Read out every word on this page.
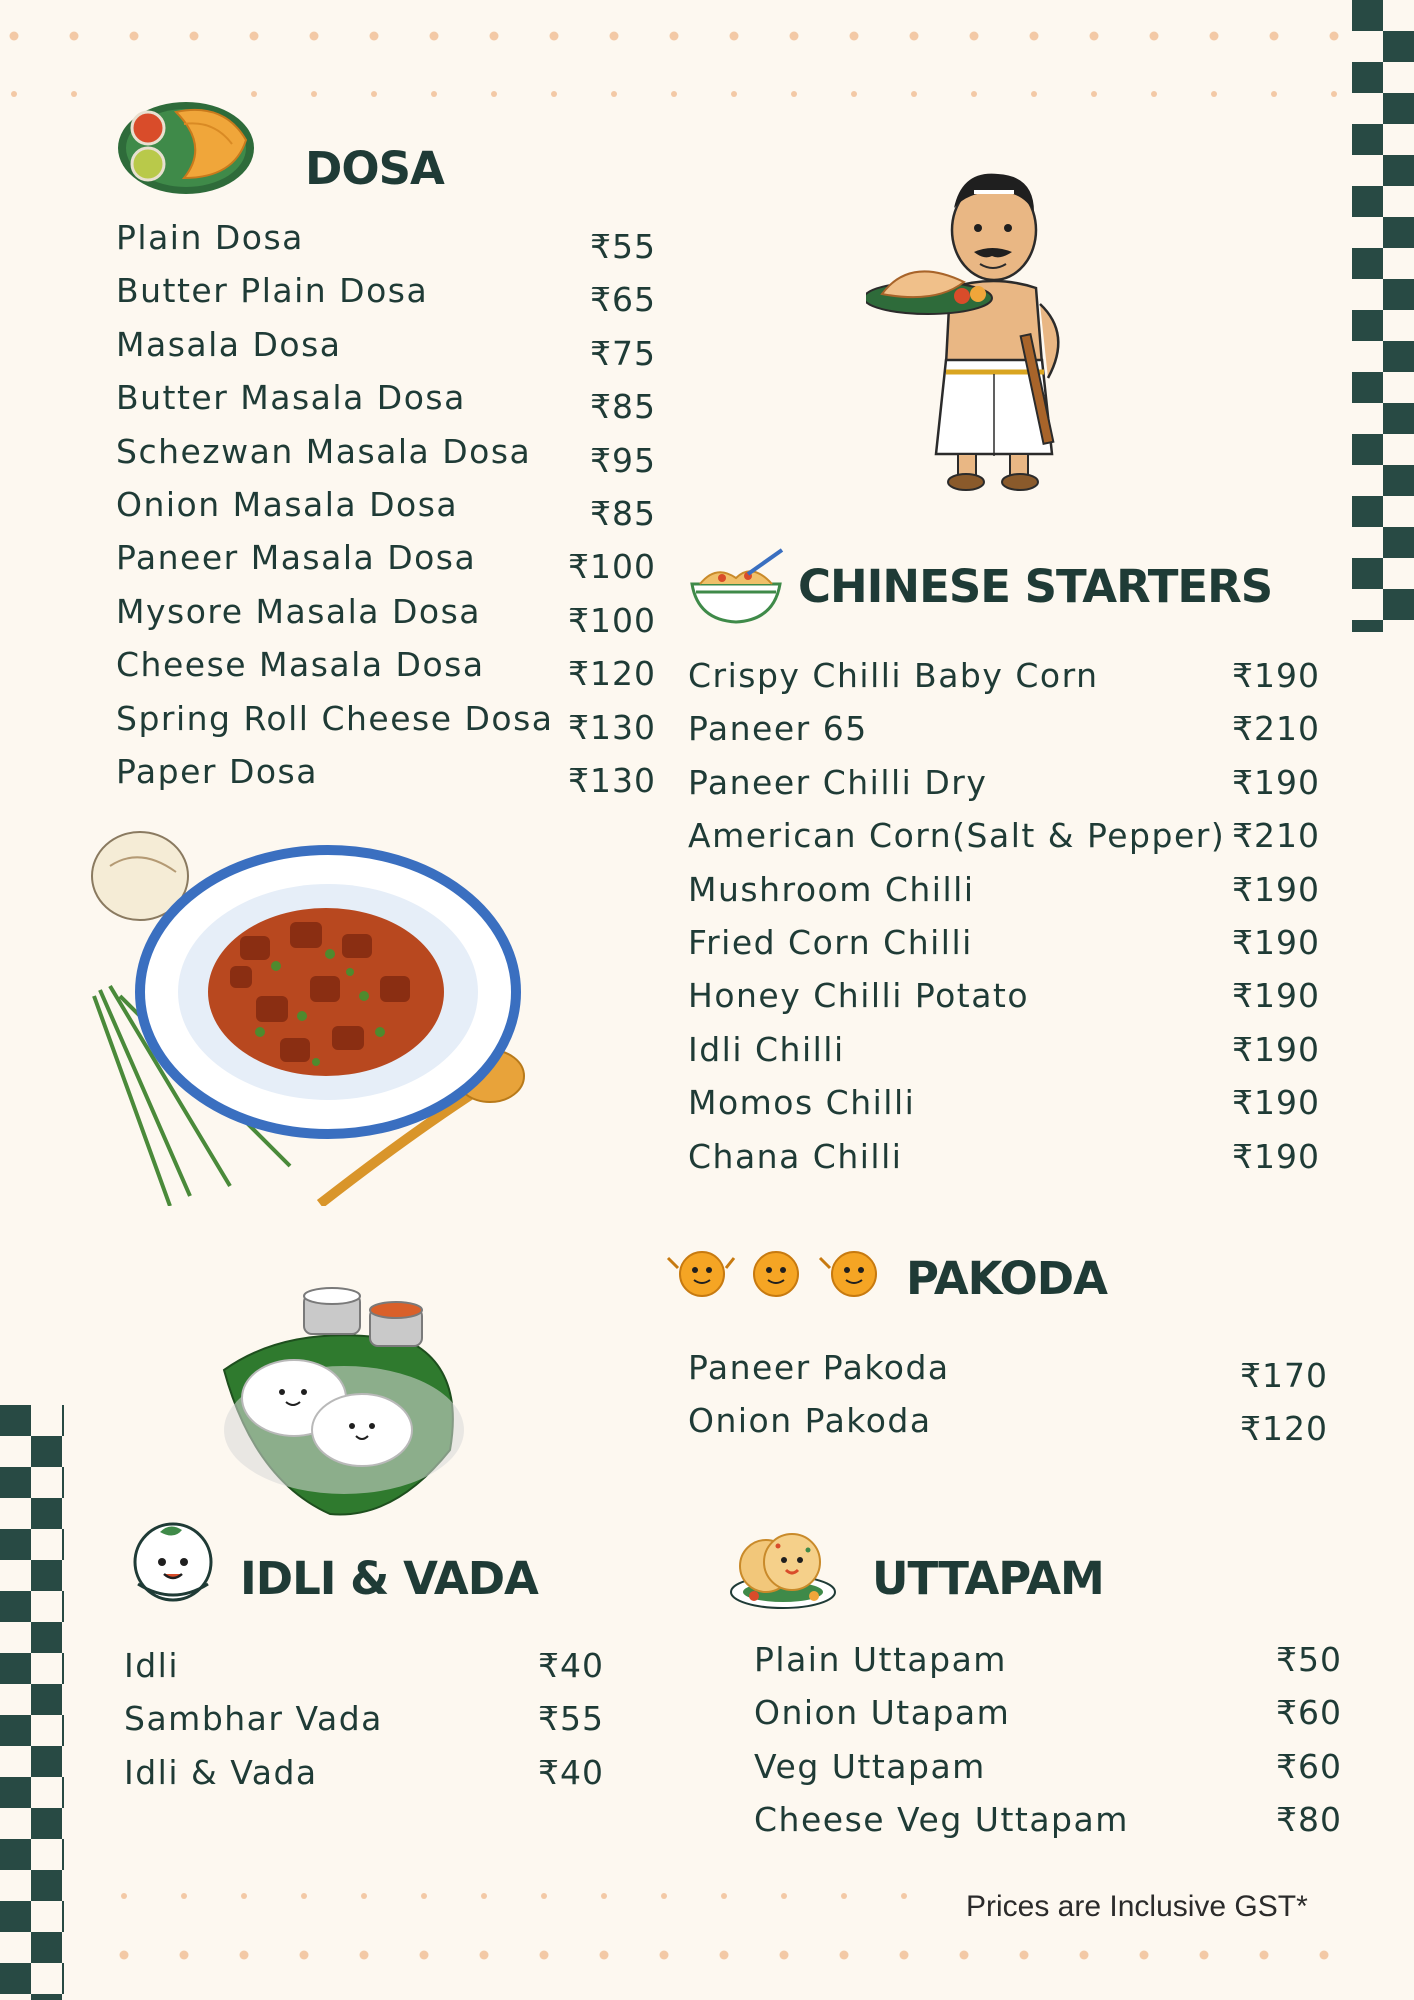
DOSA
Plain Dosa	₹55
Butter Plain Dosa	₹65
Masala Dosa	₹75
Butter Masala Dosa	₹85
Schezwan Masala Dosa ₹95
Onion Masala Dosa	₹85
Paneer Masala Dosa	₹100
Mysore Masala Dosa	₹100
Cheese Masala Dosa	₹120
Spring Roll Cheese Dosa ₹130
Paper Dosa	₹130
CHINESE STARTERS
Crispy Chilli Baby Corn	₹190
Paneer 65	₹210
Paneer Chilli Dry	₹190
American Corn(Salt & Pepper) ₹210
Mushroom Chilli	₹190
Fried Corn Chilli	₹190
Honey Chilli Potato	₹190
Idli Chilli	₹190
Momos Chilli	₹190
Chana Chilli	₹190
PAKODA
Paneer Pakoda	₹170
Onion Pakoda	₹120
IDLI & VADA
Idli	₹40
Sambhar Vada	₹55
Idli & Vada	₹40
UTTAPAM
Plain Uttapam	₹50
Onion Utapam	₹60
Veg Uttapam	₹60
Cheese Veg Uttapam	₹80
Prices are Inclusive GST*
